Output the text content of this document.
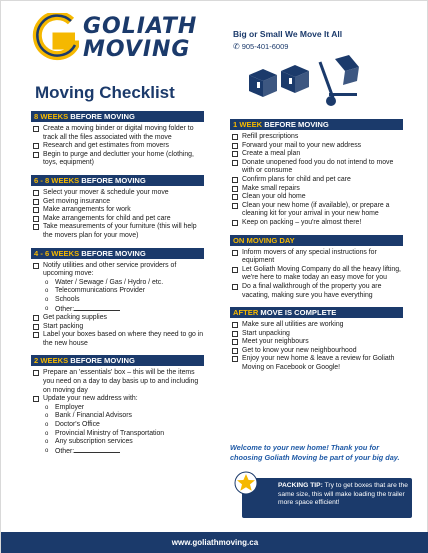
GOLIATH
MOVING
Big or Small We Move It All
✆ 905-401-6009
Moving Checklist
8 WEEKS BEFORE MOVING
Create a moving binder or digital moving folder to track all the files associated with the move
Research and get estimates from movers
Begin to purge and declutter your home (clothing, toys, equipment)
6 - 8 WEEKS BEFORE MOVING
Select your mover & schedule your move
Get moving insurance
Make arrangements for work
Make arrangements for child and pet care
Take measurements of your furniture (this will help the movers plan for your move)
4 - 6 WEEKS BEFORE MOVING
Notify utilities and other service providers of upcoming move:
o Water / Sewage / Gas / Hydro / etc.
o Telecommunications Provider
o Schools
o Other:
Get packing supplies
Start packing
Label your boxes based on where they need to go in the new house
2 WEEKS BEFORE MOVING
Prepare an 'essentials' box – this will be the items you need on a day to day basis up to and including on moving day
Update your new address with:
o Employer
o Bank / Financial Advisors
o Doctor's Office
o Provincial Ministry of Transportation
o Any subscription services
o Other:
1 WEEK BEFORE MOVING
Refill prescriptions
Forward your mail to your new address
Create a meal plan
Donate unopened food you do not intend to move with or consume
Confirm plans for child and pet care
Make small repairs
Clean your old home
Clean your new home (if available), or prepare a cleaning kit for your arrival in your new home
Keep on packing – you're almost there!
ON MOVING DAY
Inform movers of any special instructions for equipment
Let Goliath Moving Company do all the heavy lifting, we're here to make today an easy move for you
Do a final walkthrough of the property you are vacating, making sure you have everything
AFTER MOVE IS COMPLETE
Make sure all utilities are working
Start unpacking
Meet your neighbours
Get to know your new neighbourhood
Enjoy your new home & leave a review for Goliath Moving on Facebook or Google!
Welcome to your new home! Thank you for choosing Goliath Moving be part of your big day.
PACKING TIP: Try to get boxes that are the same size, this will make loading the trailer more space efficient!
www.goliathmoving.ca
